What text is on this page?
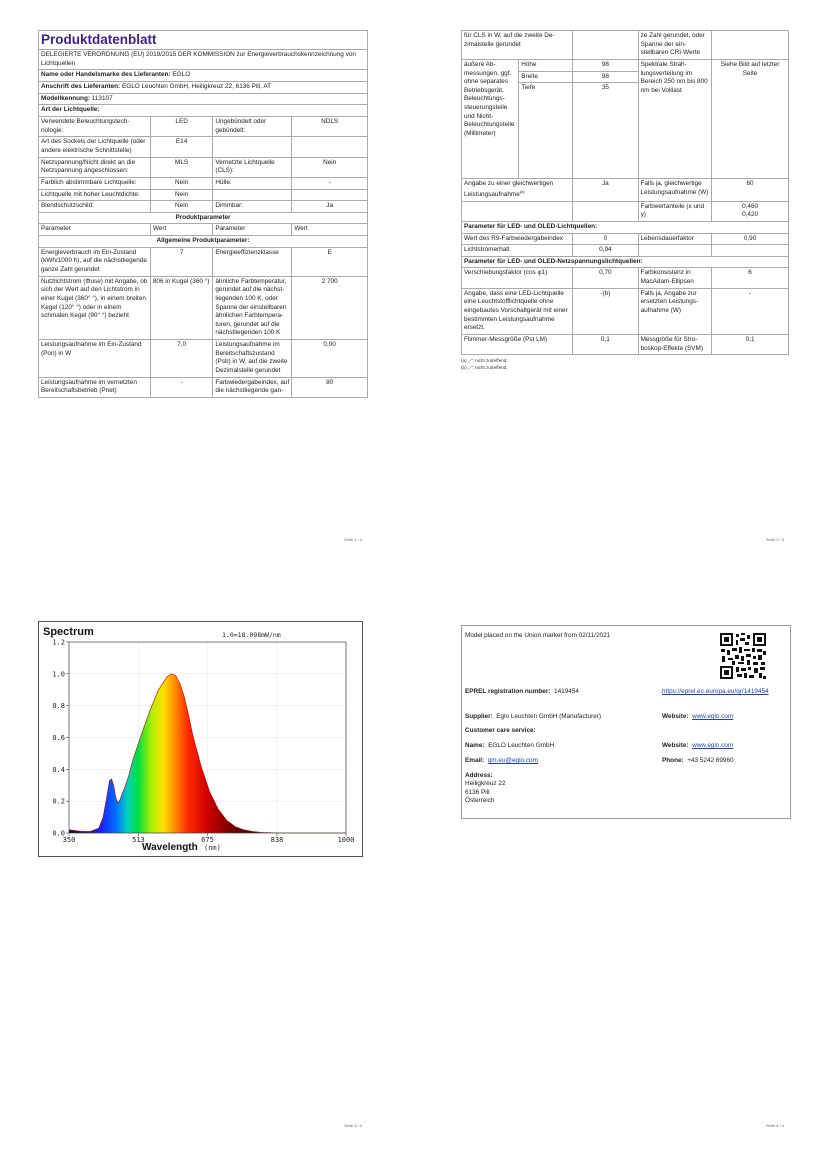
Produktdatenblatt			
DELEGIERTE VERORDNUNG (EU) 2019/2015 DER KOMMISSION zur Energieverbrauchskennzeichnung von Lichtquellen			
Name oder Handelsmarke des Lieferanten: EGLO			
Anschrift des Lieferanten: EGLO Leuchten GmbH, Heiligkreuz 22, 6136 Pill, AT			
Modellkennung: 113107			
Art der Lichtquelle:			
Verwendete Beleuchtungstechnologie:	LED	Ungebündelt oder gebündelt:	NDLS
Art des Sockels der Lichtquelle (oder andere elektrische Schnittstelle)	E14		
Netzspannung/Nicht direkt an die Netzspannung angeschlossen:	MLS	Vernetzte Lichtquelle (CLS):	Nein
Farblich abstimmbare Lichtquelle:	Nein	Hülle:	-
Lichtquelle mit hoher Leuchtdichte:	Nein		
Blendschutzschild:	Nein	Dimmbar:	Ja
Produktparameter			
Parameter	Wert	Parameter	Wert
Allgemeine Produktparameter:			
Energieverbrauch im Ein-Zustand (kWh/1000 h), auf die nächstliegende ganze Zahl gerundet	7	Energieeffizienzklasse	E
Nutzlichtstrom (Φuse) mit Angabe, ob sich der Wert auf den Lichtstrom in einer Kugel (360° °), in einem breiten Kegel (120° °) oder in einem schmalen Kegel (90° °) bezieht	806 in Kugel (360 °)	ähnliche Farbtemperatur, gerundet auf die nächstliegenden 100 K, oder Spanne der einstellbaren ähnlichen Farbtemperaturen, gerundet auf die nächstliegenden 100 K	2 700
Leistungsaufnahme im Ein-Zustand (Pon) in W	7,0	Leistungsaufnahme im Bereitschaftszustand (Psb) in W, auf die zweite Dezimalstelle gerundet	0,00
Leistungsaufnahme im vernetzten Bereitschaftsbetrieb (Pnet)	-	Farbwiedergabeindex, auf die nächstliegende gan-	80
Seite 1 / 4
für CLS in W, auf die zweite Dezimalstelle gerundet			ze Zahl gerundet, oder Spanne der einstellbaren CRI-Werte	
äußere Abmessungen, ggf. ohne separates Betriebsgerät, Beleuchtungssteuerungsteile und Nicht-Beleuchtungsteile (Millimeter)	Höhe	98	Spektrale Strahlungsverteilung im Bereich 250 nm bis 800 nm bei Volllast	Siehe Bild auf letzter Seite
	Breite	98		
	Tiefe	35		
Angabe zu einer gleichwertigen Leistungsaufnahme$^{(a)}$		Ja	Falls ja, gleichwertige Leistungsaufnahme (W)	60
			Farbwertanteile (x und y)	0,460
0,420
Parameter für LED- und OLED-Lichtquellen:				
Wert des R9-Farbwiedergabeindex		0	Lebensdauerfaktor	0,90
Lichtstromerhalt		0,94		
Parameter für LED- und OLED-Netzspannungslichtquellen:				
Verschiebungsfaktor (cos φ1)		0,70	Farbkonsistenz in MacAdam-Ellipsen	6
Angabe, dass eine LED-Lichtquelle eine Leuchtstofflichtquelle ohne eingebautes Vorschaltgerät mit einer bestimmten Leistungsaufnahme ersetzt.		-(b)	Falls ja, Angabe zur ersetzten Leistungsaufnahme (W)	-
Flimmer-Messgröße (Pst LM)		0,1	Messgröße für Stroboskop-Effekte (SVM)	0,1
(a) „-“: nicht zutreffend;
(b) „-“: nicht zutreffend;
Seite 2 / 4
Spectrum	1.0=18.098mW/nm
0.0
0.2
0.4
0.6
0.8
1.0
1.2
350	513	675	838	1000
Wavelength (nm)
Seite 3 / 4
Model placed on the Union market from 02/11/2021
EPREL registration number: 1419454	https://eprel.ec.europa.eu/qr/1419454
Supplier: Eglo Leuchten GmbH (Manufacturer)	Website: www.eglo.com
Customer care service:
Name: EGLO Leuchten GmbH	Website: www.eglo.com
Email: qm.eu@eglo.com	Phone: +43 5242 69960
Address:
Heiligkreuz 22
6136 Pill
Österreich
Seite 4 / 4
